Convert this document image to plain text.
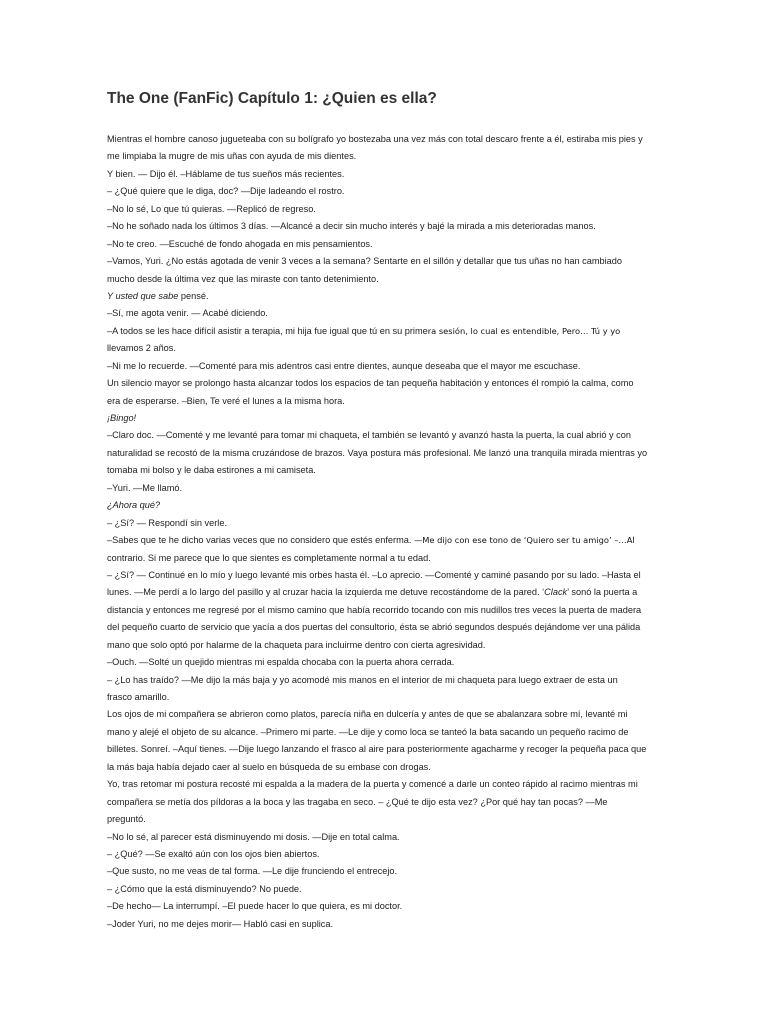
The One (FanFic) Capítulo 1: ¿Quien es ella?
Mientras el hombre canoso jugueteaba con su bolígrafo yo bostezaba una vez más con total descaro frente a él, estiraba mis pies y
me limpiaba la mugre de mis uñas con ayuda de mis dientes.
Y bien. — Dijo él. –Háblame de tus sueños más recientes.
– ¿Qué quiere que le diga, doc? —Dije ladeando el rostro.
–No lo sé, Lo que tú quieras. —Replicó de regreso.
–No he soñado nada los últimos 3 días. —Alcancé a decir sin mucho interés y bajé la mirada a mis deterioradas manos.
–No te creo. —Escuché de fondo ahogada en mis pensamientos.
–Vamos, Yuri. ¿No estás agotada de venir 3 veces a la semana? Sentarte en el sillón y detallar que tus uñas no han cambiado
mucho desde la última vez que las miraste con tanto detenimiento.
Y usted que sabe pensé.
–Sí, me agota venir. — Acabé diciendo.
–A todos se les hace difícil asistir a terapia, mi hija fue igual que tú en su primera sesión, lo cual es entendible, Pero… Tú y yo
llevamos 2 años.
–Ni me lo recuerde. —Comenté para mis adentros casi entre dientes, aunque deseaba que el mayor me escuchase.
Un silencio mayor se prolongo hasta alcanzar todos los espacios de tan pequeña habitación y entonces él rompió la calma, como
era de esperarse. –Bien, Te veré el lunes a la misma hora.
¡Bingo!
–Claro doc. —Comenté y me levanté para tomar mi chaqueta, el también se levantó y avanzó hasta la puerta, la cual abrió y con
naturalidad se recostó de la misma cruzándose de brazos. Vaya postura más profesional. Me lanzó una tranquila mirada mientras yo
tomaba mi bolso y le daba estirones a mi camiseta.
–Yuri. —Me llamó.
¿Ahora qué?
– ¿Sí? — Respondí sin verle.
–Sabes que te he dicho varias veces que no considero que estés enferma. —Me dijo con ese tono de ‘Quiero ser tu amigo’ –…Al
contrario. Si me parece que lo que sientes es completamente normal a tu edad.
– ¿Sí? — Continué en lo mío y luego levanté mis orbes hasta él. –Lo aprecio. —Comenté y caminé pasando por su lado. –Hasta el
lunes. —Me perdí a lo largo del pasillo y al cruzar hacia la izquierda me detuve recostándome de la pared. ‘Clack’ sonó la puerta a
distancia y entonces me regresé por el mismo camino que había recorrido tocando con mis nudillos tres veces la puerta de madera
del pequeño cuarto de servicio que yacía a dos puertas del consultorio, ésta se abrió segundos después dejándome ver una pálida
mano que solo optó por halarme de la chaqueta para incluirme dentro con cierta agresividad.
–Ouch. —Solté un quejido mientras mi espalda chocaba con la puerta ahora cerrada.
– ¿Lo has traído? —Me dijo la más baja y yo acomodé mis manos en el interior de mi chaqueta para luego extraer de esta un
frasco amarillo.
Los ojos de mi compañera se abrieron como platos, parecía niña en dulcería y antes de que se abalanzara sobre mí, levanté mi
mano y alejé el objeto de su alcance. –Primero mi parte. —Le dije y como loca se tanteó la bata sacando un pequeño racimo de
billetes. Sonreí. –Aquí tienes. —Dije luego lanzando el frasco al aire para posteriormente agacharme y recoger la pequeña paca que
la más baja había dejado caer al suelo en búsqueda de su embase con drogas.
Yo, tras retomar mi postura recosté mi espalda a la madera de la puerta y comencé a darle un conteo rápido al racimo mientras mi
compañera se metía dos píldoras a la boca y las tragaba en seco. – ¿Qué te dijo esta vez? ¿Por qué hay tan pocas? —Me
preguntó.
–No lo sé, al parecer está disminuyendo mi dosis. —Dije en total calma.
– ¿Qué? —Se exaltó aún con los ojos bien abiertos.
–Que susto, no me veas de tal forma. —Le dije frunciendo el entrecejo.
– ¿Cómo que la está disminuyendo? No puede.
–De hecho— La interrumpí. –El puede hacer lo que quiera, es mi doctor.
–Joder Yuri, no me dejes morir— Habló casi en suplica.
